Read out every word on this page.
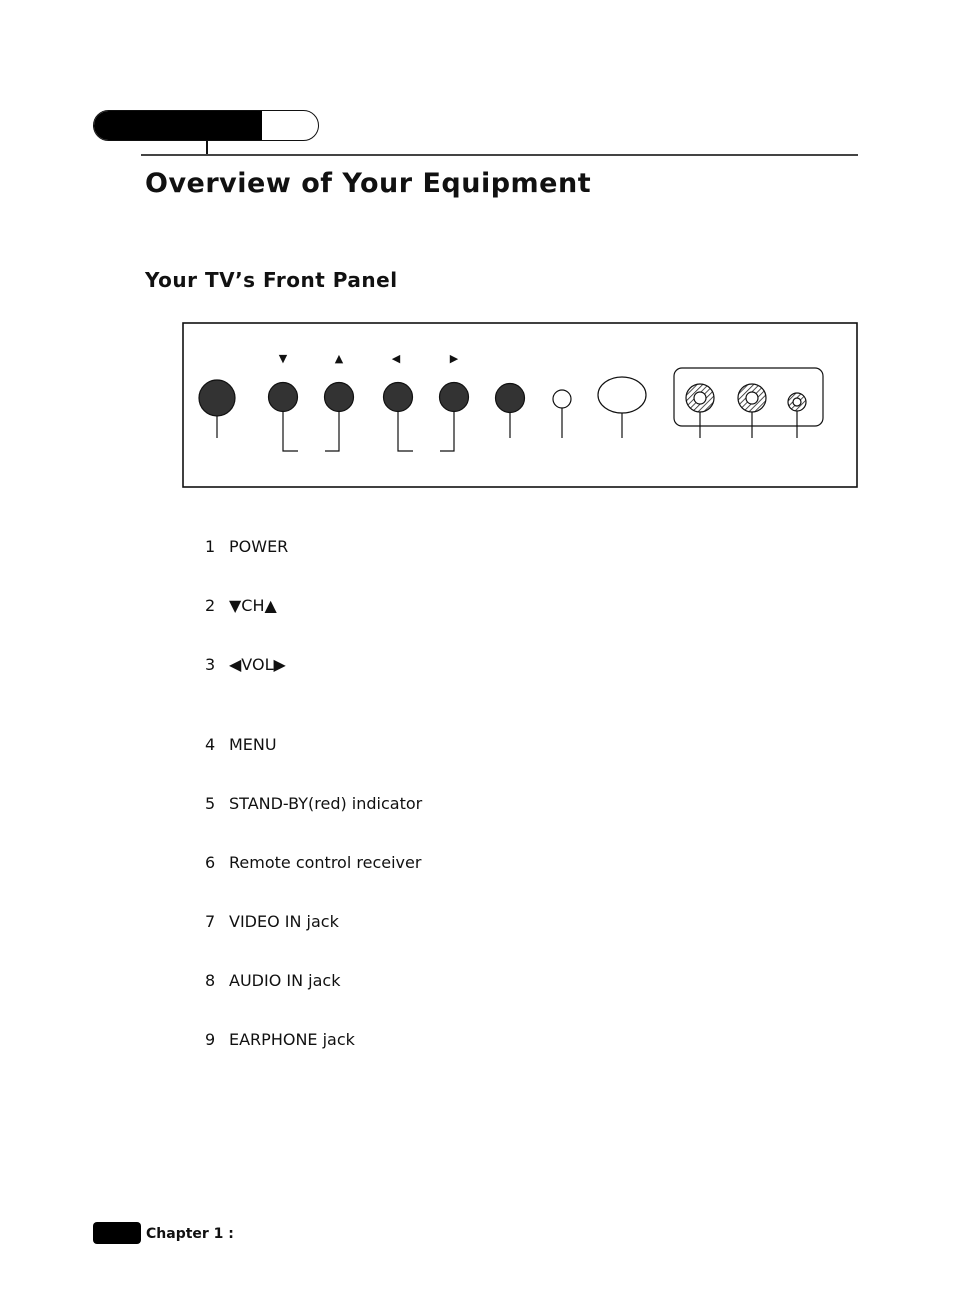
Overview of Your Equipment
Your TV’s Front Panel
▼	▲	◀	▶
1 POWER
2 ▼CH▲
3 ◀VOL▶
4 MENU
5 STAND-BY(red) indicator
6 Remote control receiver
7 VIDEO IN jack
8 AUDIO IN jack
9 EARPHONE jack
Chapter 1 :
